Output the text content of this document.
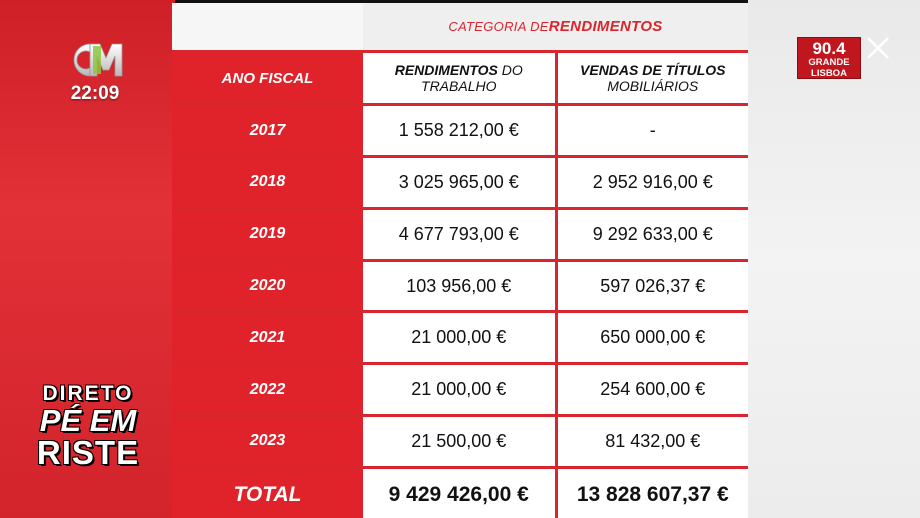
22:09
90.4
GRANDE
LISBOA
DIRETO
PÉ EM
RISTE
CATEGORIA DE RENDIMENTOS
ANO FISCAL	RENDIMENTOS DO TRABALHO	VENDAS DE TÍTULOS MOBILIÁRIOS
2017	1 558 212,00 €	-
2018	3 025 965,00 €	2 952 916,00 €
2019	4 677 793,00 €	9 292 633,00 €
2020	103 956,00 €	597 026,37 €
2021	21 000,00 €	650 000,00 €
2022	21 000,00 €	254 600,00 €
2023	21 500,00 €	81 432,00 €
TOTAL	9 429 426,00 €	13 828 607,37 €
